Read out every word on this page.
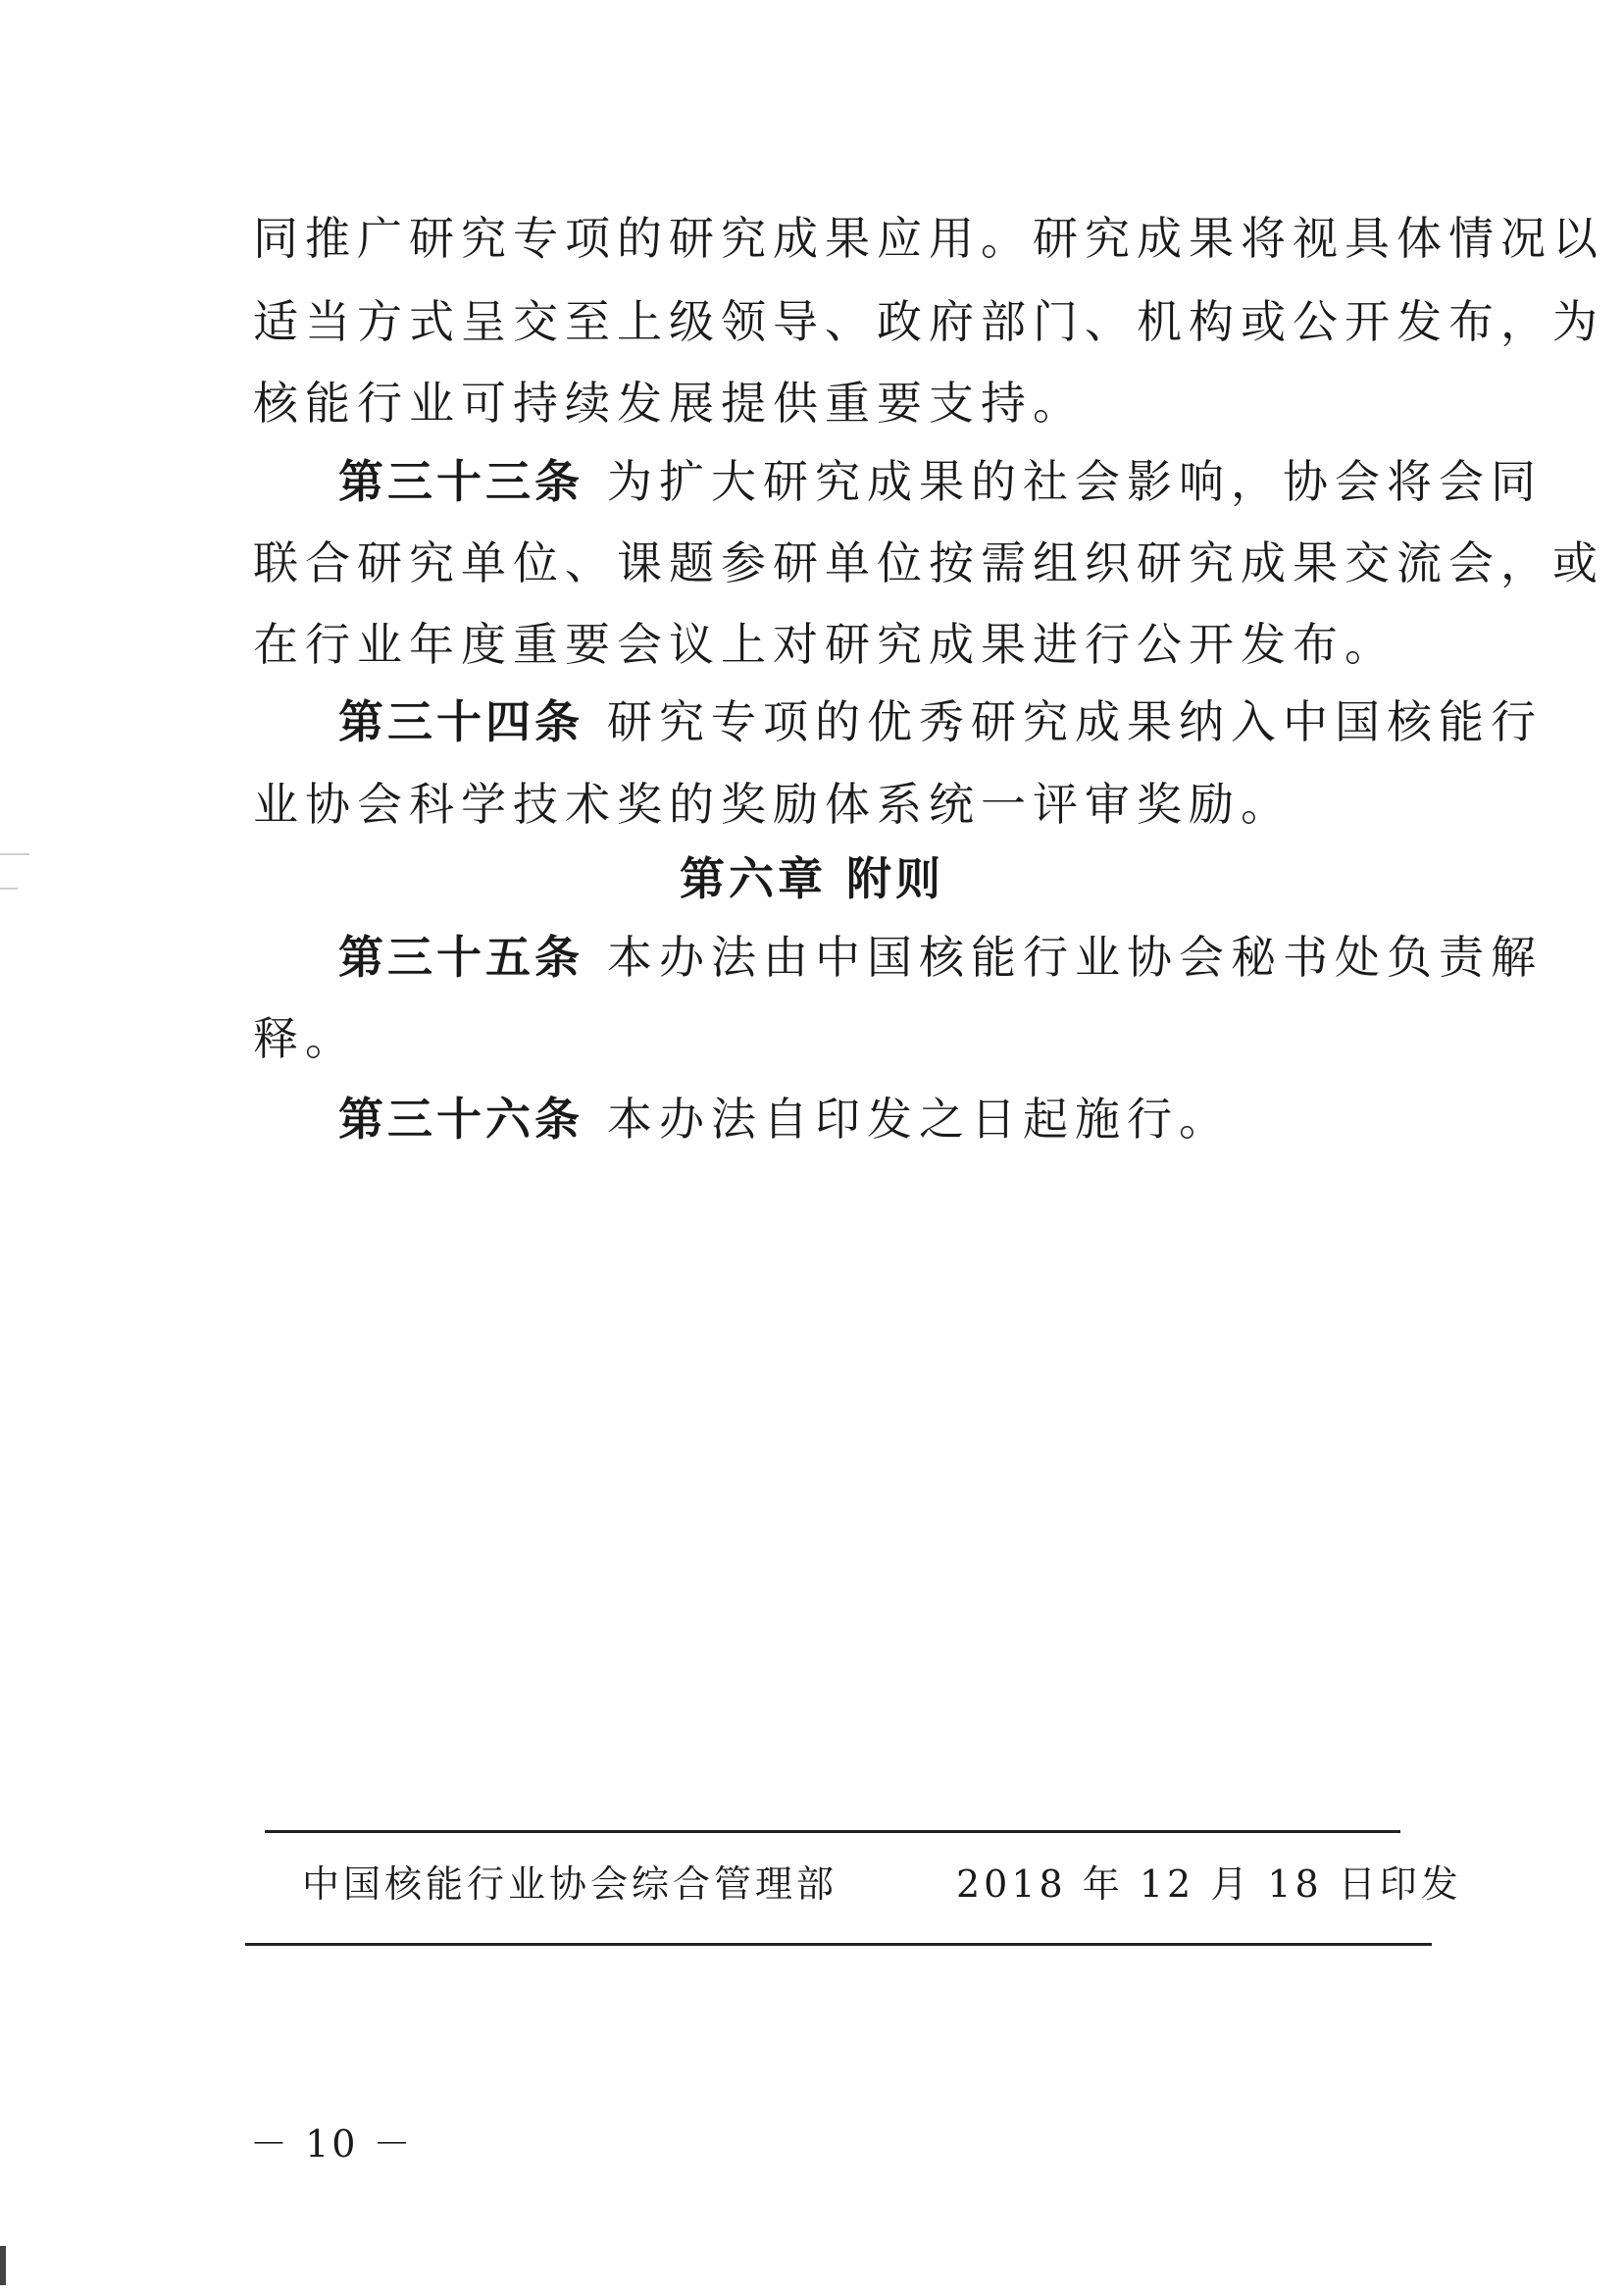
同推广研究专项的研究成果应用。研究成果将视具体情况以
适当方式呈交至上级领导、政府部门、机构或公开发布，为
核能行业可持续发展提供重要支持。
第三十三条 为扩大研究成果的社会影响，协会将会同
联合研究单位、课题参研单位按需组织研究成果交流会，或
在行业年度重要会议上对研究成果进行公开发布。
第三十四条 研究专项的优秀研究成果纳入中国核能行
业协会科学技术奖的奖励体系统一评审奖励。
第六章 附则
第三十五条 本办法由中国核能行业协会秘书处负责解
释。
第三十六条 本办法自印发之日起施行。
中国核能行业协会综合管理部	2018 年 12 月 18 日印发
－ 10 －
